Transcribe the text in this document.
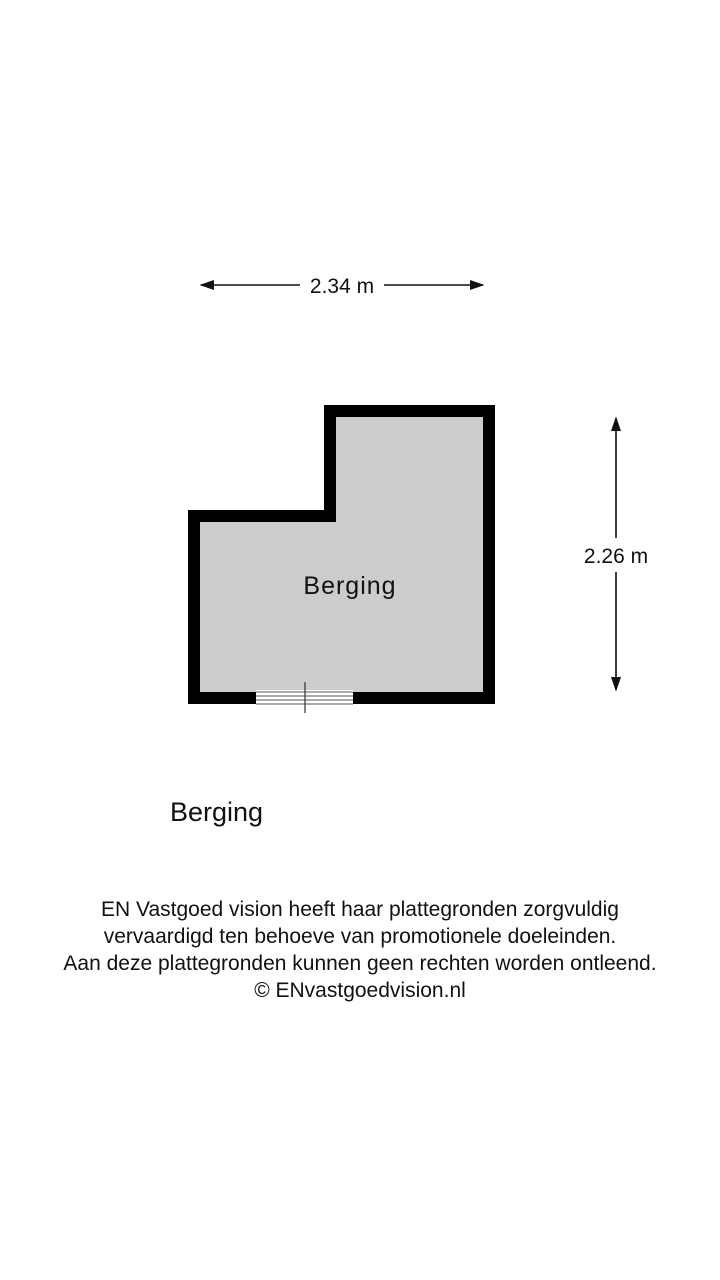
2.34 m
2.26 m
Berging
Berging
EN Vastgoed vision heeft haar plattegronden zorgvuldig
vervaardigd ten behoeve van promotionele doeleinden.
Aan deze plattegronden kunnen geen rechten worden ontleend.
© ENvastgoedvision.nl
